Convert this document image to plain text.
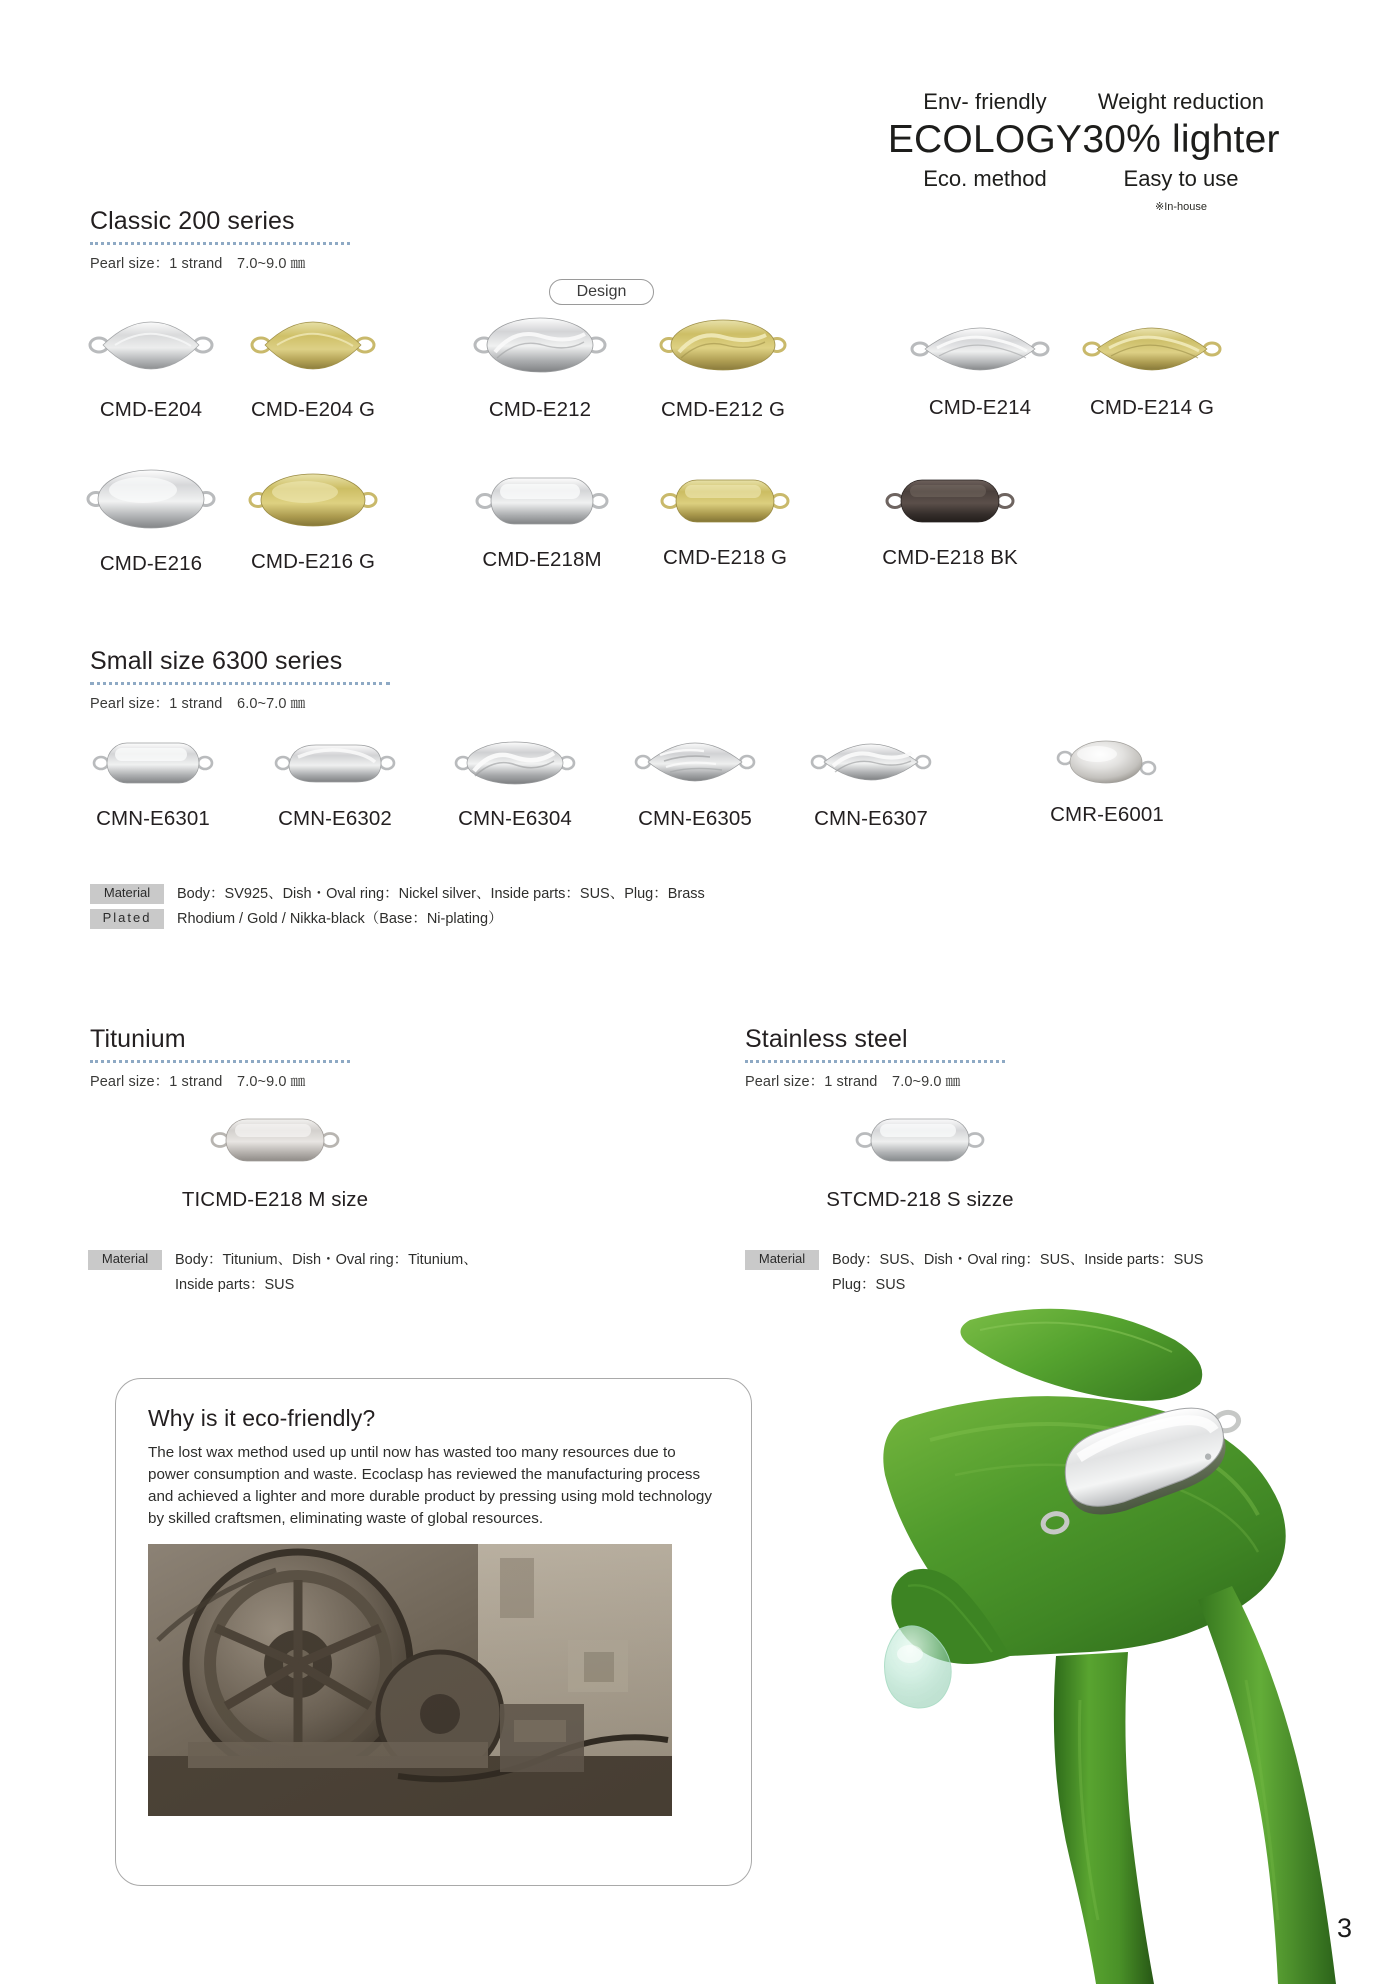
Env- friendly
ECOLOGY
Eco. method
Weight reduction
30% lighter
Easy to use
※In-house
Classic 200 series
Pearl size：1 strand　7.0~9.0 ㎜
Design
CMD-E204	CMD-E204 G	CMD-E212	CMD-E212 G	CMD-E214	CMD-E214 G
CMD-E216	CMD-E216 G	CMD-E218M	CMD-E218 G	CMD-E218 BK
Small size 6300 series
Pearl size：1 strand　6.0~7.0 ㎜
CMN-E6301	CMN-E6302	CMN-E6304	CMN-E6305	CMN-E6307	CMR-E6001
Material	Body：SV925、Dish・Oval ring：Nickel silver、Inside parts：SUS、Plug：Brass
Plated	Rhodium / Gold / Nikka-black（Base：Ni-plating）
Titunium
Pearl size：1 strand　7.0~9.0 ㎜
TICMD-E218 M size
Material	Body：Titunium、Dish・Oval ring：Titunium、
Inside parts：SUS
Stainless steel
Pearl size：1 strand　7.0~9.0 ㎜
STCMD-218 S sizze
Material	Body：SUS、Dish・Oval ring：SUS、Inside parts：SUS
Plug：SUS
Why is it eco-friendly?

The lost wax method used up until now has wasted too many resources due to power consumption and waste. Ecoclasp has reviewed the manufacturing process and achieved a lighter and more durable product by pressing using mold technology by skilled craftsmen, eliminating waste of global resources.

3
